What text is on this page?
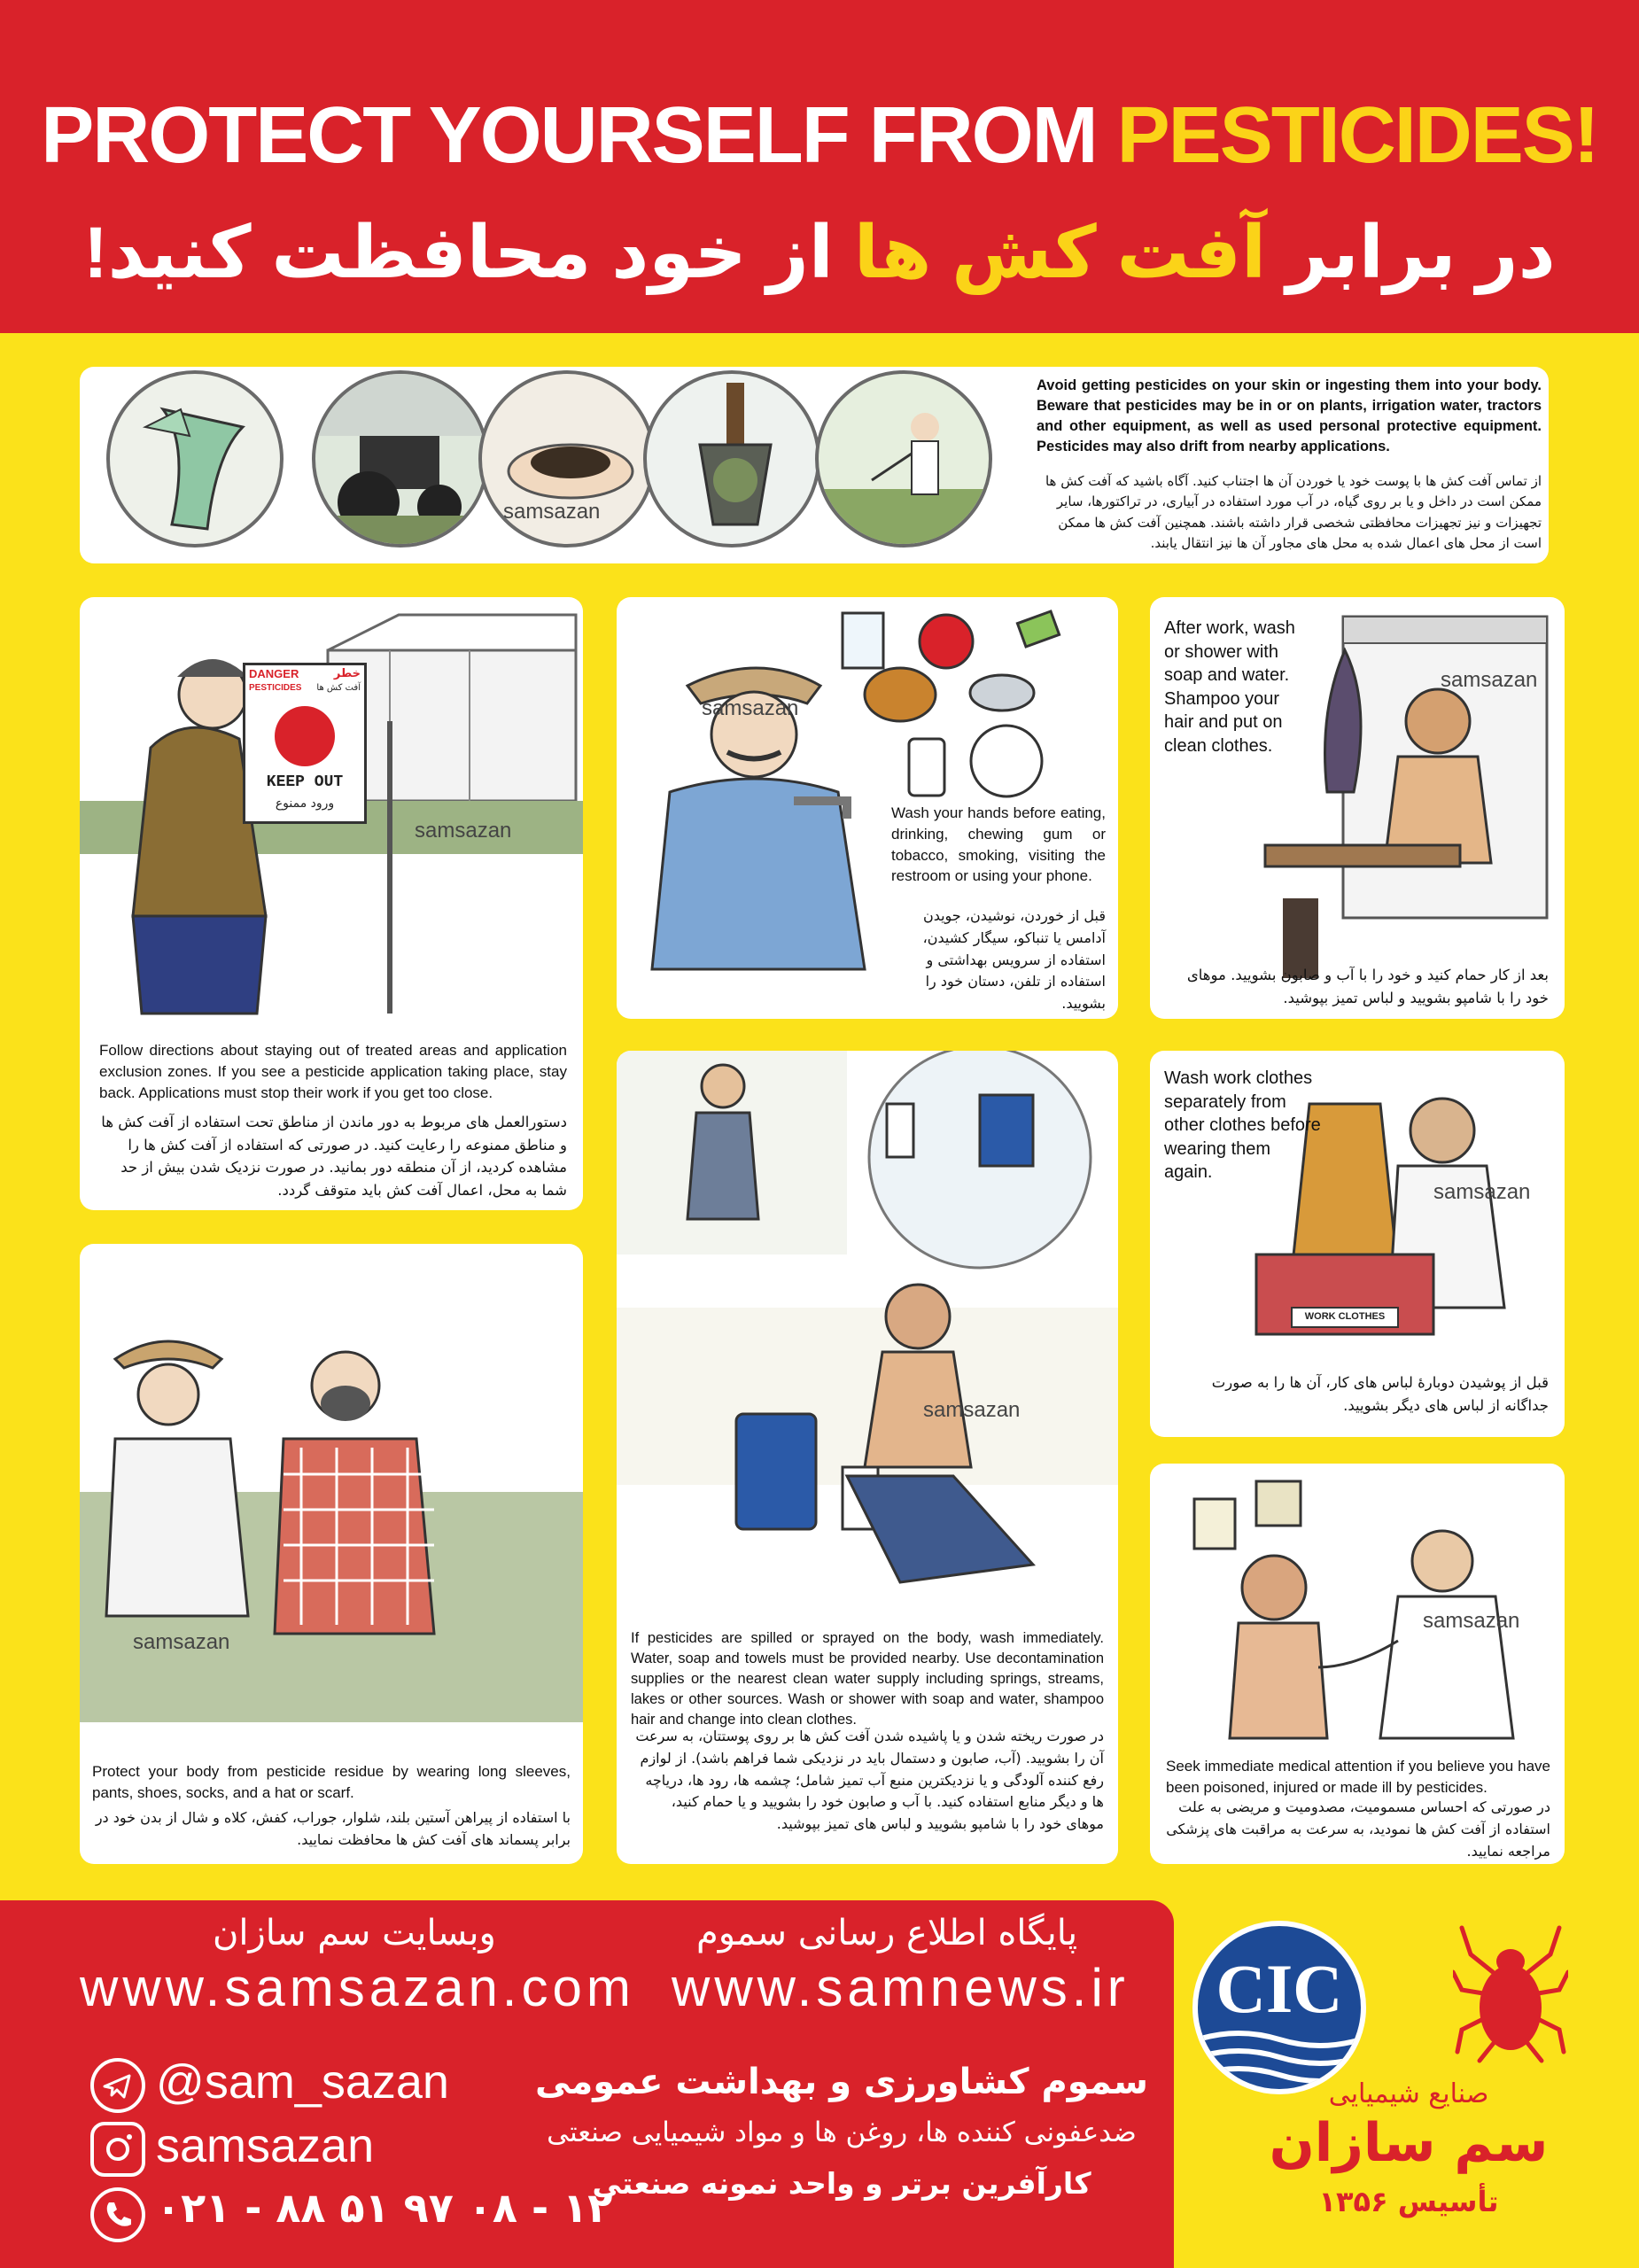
PROTECT YOURSELF FROM PESTICIDES!
در برابر آفت کش ها از خود محافظت کنید!
samsazan
Avoid getting pesticides on your skin or ingesting them into your body. Beware that pesticides may be in or on plants, irrigation water, tractors and other equipment, as well as used personal protective equipment. Pesticides may also drift from nearby applications.
از تماس آفت کش ها با پوست خود یا خوردن آن ها اجتناب کنید. آگاه باشید که آفت کش ها ممکن است در داخل و یا بر روی گیاه، در آب مورد استفاده در آبیاری، در تراکتورها، سایر تجهیزات و نیز تجهیزات محافظتی شخصی قرار داشته باشند. همچنین آفت کش ها ممکن است از محل های اعمال شده به محل های مجاور آن ها نیز انتقال یابند.
DANGER	خطر
PESTICIDES آفت کش ها
KEEP OUT
ورود ممنوع
samsazan
Follow directions about staying out of treated areas and application exclusion zones. If you see a pesticide application taking place, stay back. Applications must stop their work if you get too close.
دستورالعمل های مربوط به دور ماندن از مناطق تحت استفاده از آفت کش ها و مناطق ممنوعه را رعایت کنید. در صورتی که استفاده از آفت کش ها را مشاهده کردید، از آن منطقه دور بمانید. در صورت نزدیک شدن بیش از حد شما به محل، اعمال آفت کش باید متوقف گردد.
samsazan
Wash your hands before eating, drinking, chewing gum or tobacco, smoking, visiting the restroom or using your phone.
قبل از خوردن، نوشیدن، جویدن آدامس یا تنباکو، سیگار کشیدن، استفاده از سرویس بهداشتی و استفاده از تلفن، دستان خود را بشویید.
After work, wash or shower with soap and water. Shampoo your hair and put on clean clothes.
samsazan
بعد از کار حمام کنید و خود را با آب و صابون بشویید. موهای خود را با شامپو بشویید و لباس تمیز بپوشید.
samsazan
If pesticides are spilled or sprayed on the body, wash immediately. Water, soap and towels must be provided nearby. Use decontamination supplies or the nearest clean water supply including springs, streams, lakes or other sources. Wash or shower with soap and water, shampoo hair and change into clean clothes.
در صورت ریخته شدن و یا پاشیده شدن آفت کش ها بر روی پوستتان، به سرعت آن را بشویید. (آب، صابون و دستمال باید در نزدیکی شما فراهم باشد). از لوازم رفع کننده آلودگی و یا نزدیکترین منبع آب تمیز شامل؛ چشمه ها، رود ها، دریاچه ها و دیگر منابع استفاده کنید. با آب و صابون خود را بشویید و یا حمام کنید، موهای خود را با شامپو بشویید و لباس های تمیز بپوشید.
WORK CLOTHES
Wash work clothes separately from other clothes before wearing them again.
samsazan
قبل از پوشیدن دوبارهٔ لباس های کار، آن ها را به صورت جداگانه از لباس های دیگر بشویید.
samsazan
Protect your body from pesticide residue by wearing long sleeves, pants, shoes, socks, and a hat or scarf.
با استفاده از پیراهن آستین بلند، شلوار، جوراب، کفش، کلاه و شال از بدن خود در برابر پسماند های آفت کش ها محافظت نمایید.
samsazan
Seek immediate medical attention if you believe you have been poisoned, injured or made ill by pesticides.
در صورتی که احساس مسمومیت، مصدومیت و مریضی به علت استفاده از آفت کش ها نمودید، به سرعت به مراقبت های پزشکی مراجعه نمایید.
وبسایت سم سازان
www.samsazan.com
پایگاه اطلاع رسانی سموم
www.samnews.ir
@sam_sazan
samsazan
۰۲۱ - ۸۸ ۵۱ ۹۷ ۰۸ - ۱۲
سموم کشاورزی و بهداشت عمومی
ضدعفونی کننده ها، روغن ها و مواد شیمیایی صنعتی
کارآفرین برتر و واحد نمونه صنعتی
CIC
صنایع شیمیایی
سم سازان
تأسیس ۱۳۵۶
